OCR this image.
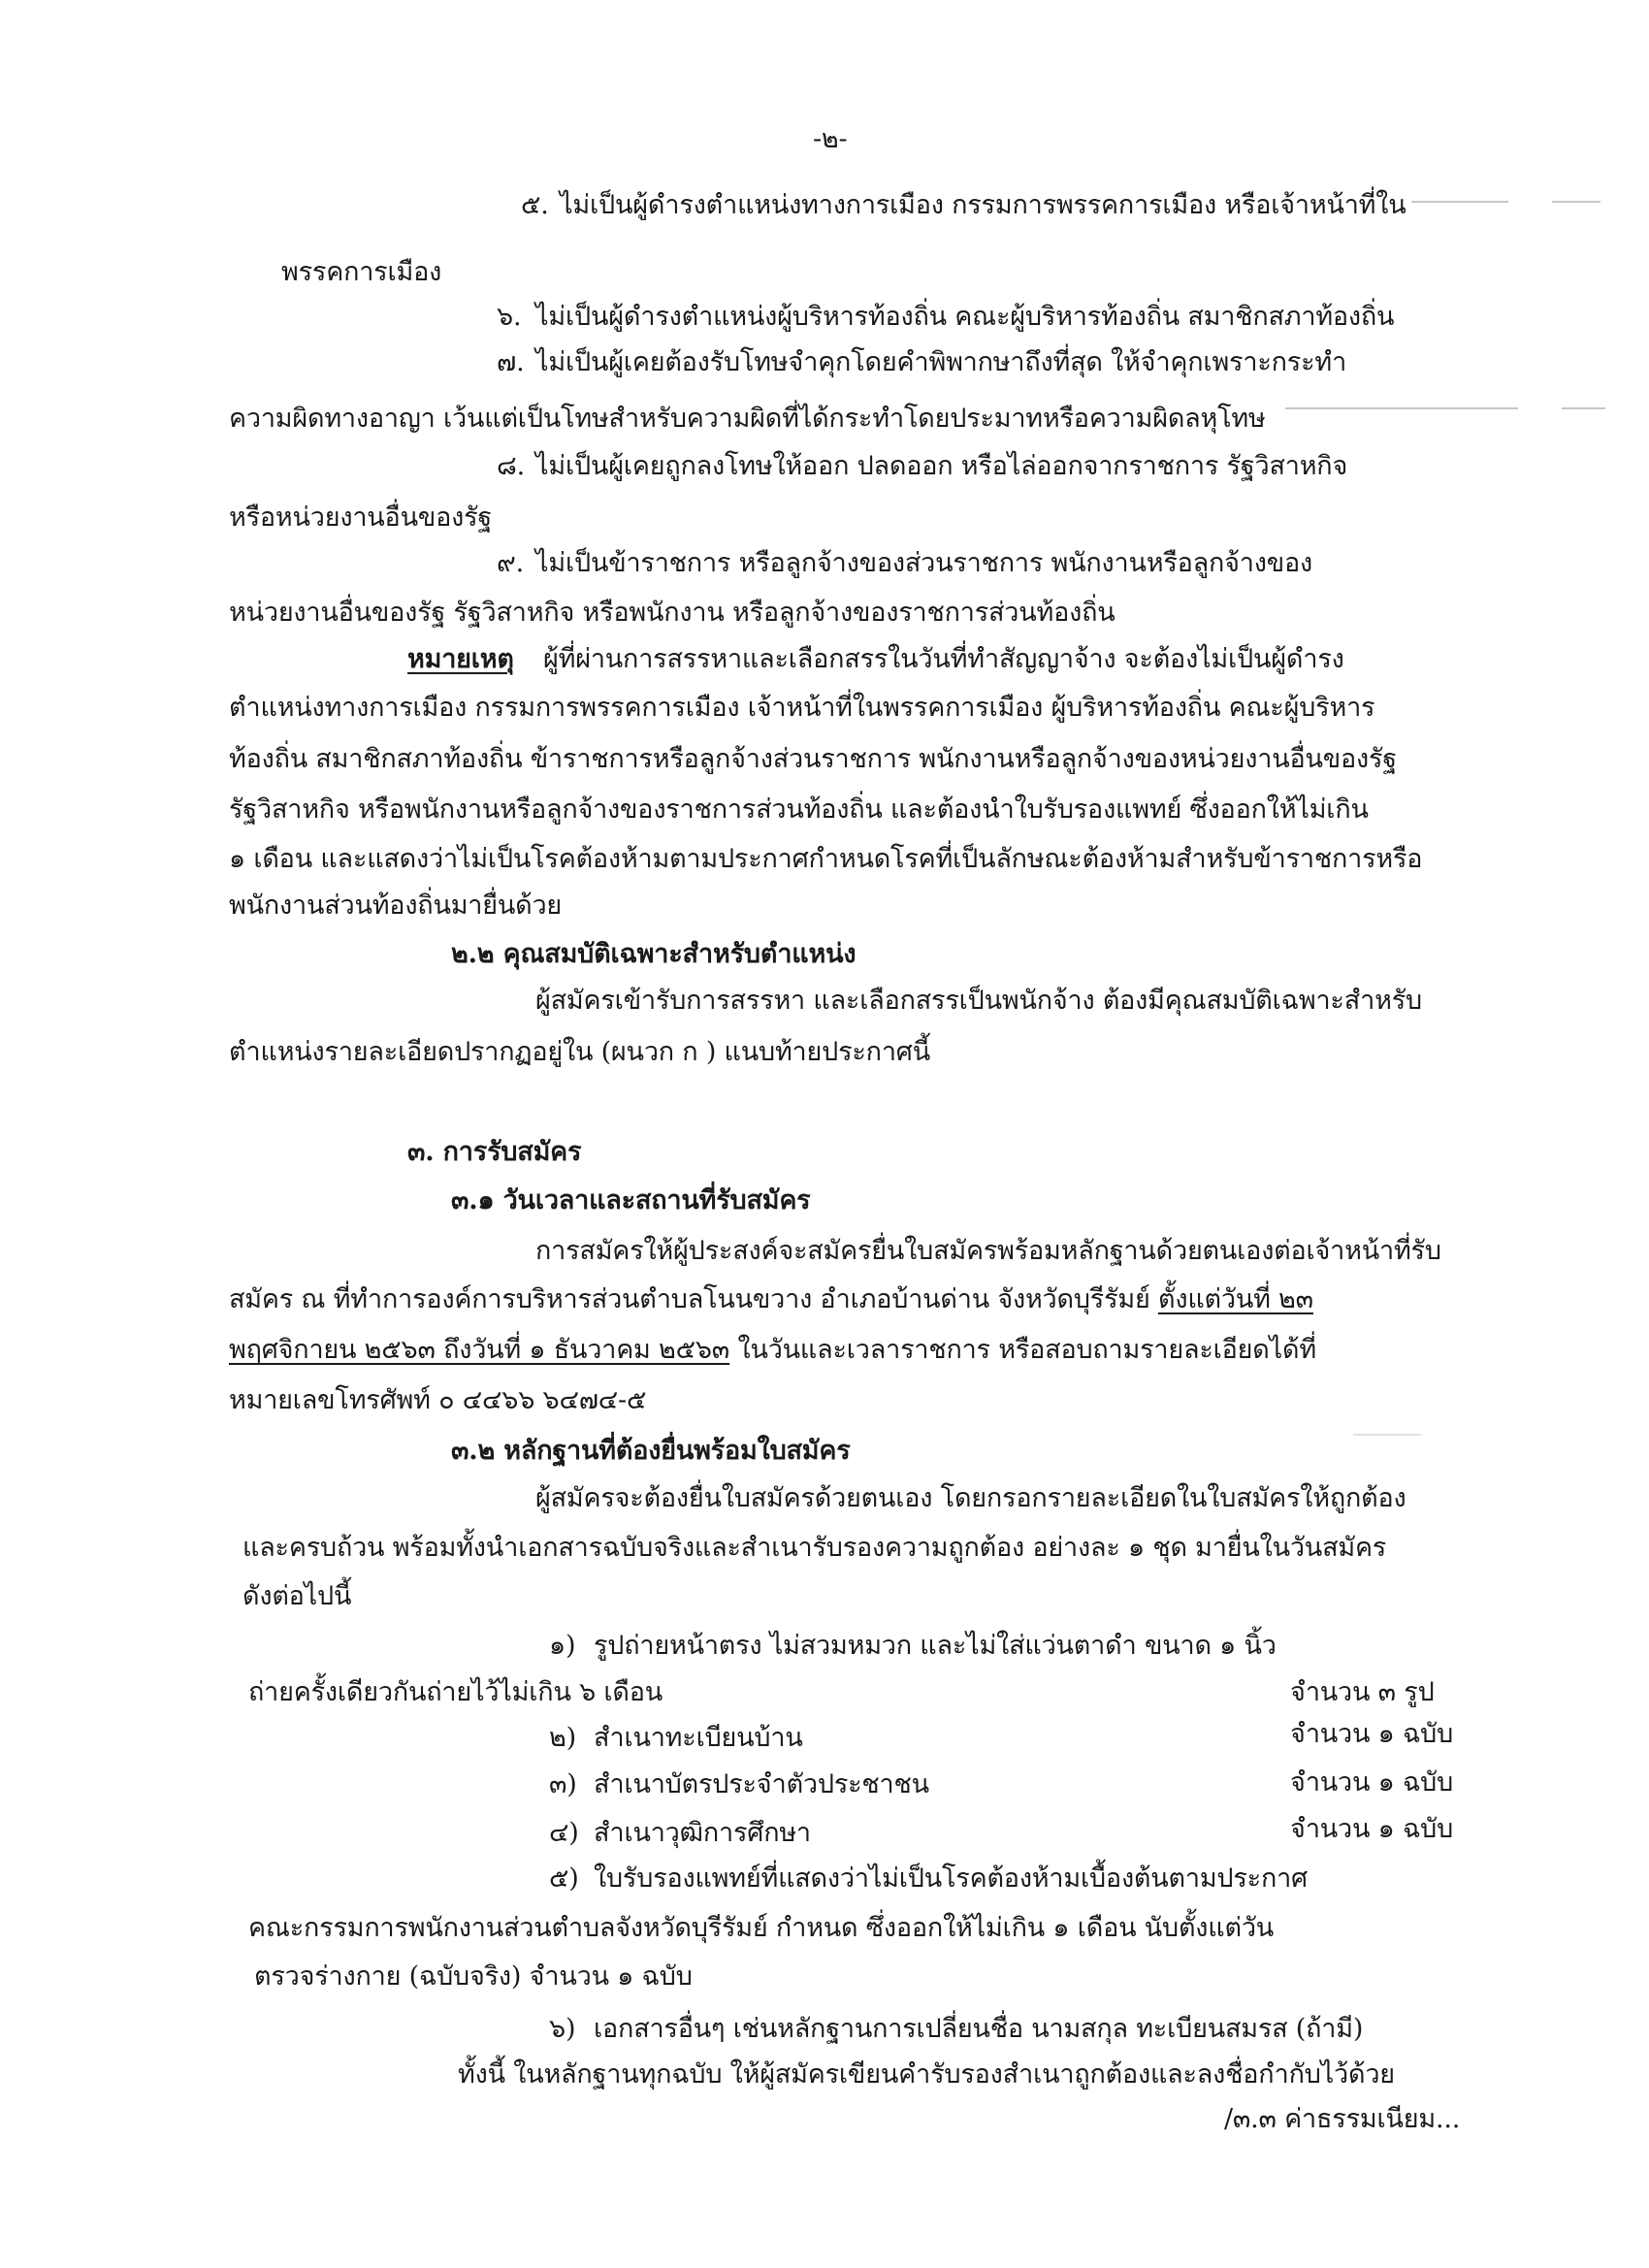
-๒-
๕. ไม่เป็นผู้ดำรงตำแหน่งทางการเมือง กรรมการพรรคการเมือง หรือเจ้าหน้าที่ใน
พรรคการเมือง
๖. ไม่เป็นผู้ดำรงตำแหน่งผู้บริหารท้องถิ่น คณะผู้บริหารท้องถิ่น สมาชิกสภาท้องถิ่น
๗. ไม่เป็นผู้เคยต้องรับโทษจำคุกโดยคำพิพากษาถึงที่สุด ให้จำคุกเพราะกระทำ
ความผิดทางอาญา เว้นแต่เป็นโทษสำหรับความผิดที่ได้กระทำโดยประมาทหรือความผิดลหุโทษ
๘. ไม่เป็นผู้เคยถูกลงโทษให้ออก ปลดออก หรือไล่ออกจากราชการ รัฐวิสาหกิจ
หรือหน่วยงานอื่นของรัฐ
๙. ไม่เป็นข้าราชการ หรือลูกจ้างของส่วนราชการ พนักงานหรือลูกจ้างของ
หน่วยงานอื่นของรัฐ รัฐวิสาหกิจ หรือพนักงาน หรือลูกจ้างของราชการส่วนท้องถิ่น
หมายเหตุ ผู้ที่ผ่านการสรรหาและเลือกสรรในวันที่ทำสัญญาจ้าง จะต้องไม่เป็นผู้ดำรง
ตำแหน่งทางการเมือง กรรมการพรรคการเมือง เจ้าหน้าที่ในพรรคการเมือง ผู้บริหารท้องถิ่น คณะผู้บริหาร
ท้องถิ่น สมาชิกสภาท้องถิ่น ข้าราชการหรือลูกจ้างส่วนราชการ พนักงานหรือลูกจ้างของหน่วยงานอื่นของรัฐ
รัฐวิสาหกิจ หรือพนักงานหรือลูกจ้างของราชการส่วนท้องถิ่น และต้องนำใบรับรองแพทย์ ซึ่งออกให้ไม่เกิน
๑ เดือน และแสดงว่าไม่เป็นโรคต้องห้ามตามประกาศกำหนดโรคที่เป็นลักษณะต้องห้ามสำหรับข้าราชการหรือ
พนักงานส่วนท้องถิ่นมายื่นด้วย
๒.๒ คุณสมบัติเฉพาะสำหรับตำแหน่ง
ผู้สมัครเข้ารับการสรรหา และเลือกสรรเป็นพนักจ้าง ต้องมีคุณสมบัติเฉพาะสำหรับ
ตำแหน่งรายละเอียดปรากฏอยู่ใน (ผนวก ก ) แนบท้ายประกาศนี้
๓. การรับสมัคร
๓.๑ วันเวลาและสถานที่รับสมัคร
การสมัครให้ผู้ประสงค์จะสมัครยื่นใบสมัครพร้อมหลักฐานด้วยตนเองต่อเจ้าหน้าที่รับ
สมัคร ณ ที่ทำการองค์การบริหารส่วนตำบลโนนขวาง อำเภอบ้านด่าน จังหวัดบุรีรัมย์ ตั้งแต่วันที่ ๒๓
พฤศจิกายน ๒๕๖๓ ถึงวันที่ ๑ ธันวาคม ๒๕๖๓ ในวันและเวลาราชการ หรือสอบถามรายละเอียดได้ที่
หมายเลขโทรศัพท์ ๐ ๔๔๖๖ ๖๔๗๔-๕
๓.๒ หลักฐานที่ต้องยื่นพร้อมใบสมัคร
ผู้สมัครจะต้องยื่นใบสมัครด้วยตนเอง โดยกรอกรายละเอียดในใบสมัครให้ถูกต้อง
และครบถ้วน พร้อมทั้งนำเอกสารฉบับจริงและสำเนารับรองความถูกต้อง อย่างละ ๑ ชุด มายื่นในวันสมัคร
ดังต่อไปนี้
๑) รูปถ่ายหน้าตรง ไม่สวมหมวก และไม่ใส่แว่นตาดำ ขนาด ๑ นิ้ว
ถ่ายครั้งเดียวกันถ่ายไว้ไม่เกิน ๖ เดือน	จำนวน ๓ รูป
๒) สำเนาทะเบียนบ้าน	จำนวน ๑ ฉบับ
๓) สำเนาบัตรประจำตัวประชาชน	จำนวน ๑ ฉบับ
๔) สำเนาวุฒิการศึกษา	จำนวน ๑ ฉบับ
๕) ใบรับรองแพทย์ที่แสดงว่าไม่เป็นโรคต้องห้ามเบื้องต้นตามประกาศ
คณะกรรมการพนักงานส่วนตำบลจังหวัดบุรีรัมย์ กำหนด ซึ่งออกให้ไม่เกิน ๑ เดือน นับตั้งแต่วัน
ตรวจร่างกาย (ฉบับจริง) จำนวน ๑ ฉบับ
๖) เอกสารอื่นๆ เช่นหลักฐานการเปลี่ยนชื่อ นามสกุล ทะเบียนสมรส (ถ้ามี)
ทั้งนี้ ในหลักฐานทุกฉบับ ให้ผู้สมัครเขียนคำรับรองสำเนาถูกต้องและลงชื่อกำกับไว้ด้วย
/๓.๓ ค่าธรรมเนียม...
